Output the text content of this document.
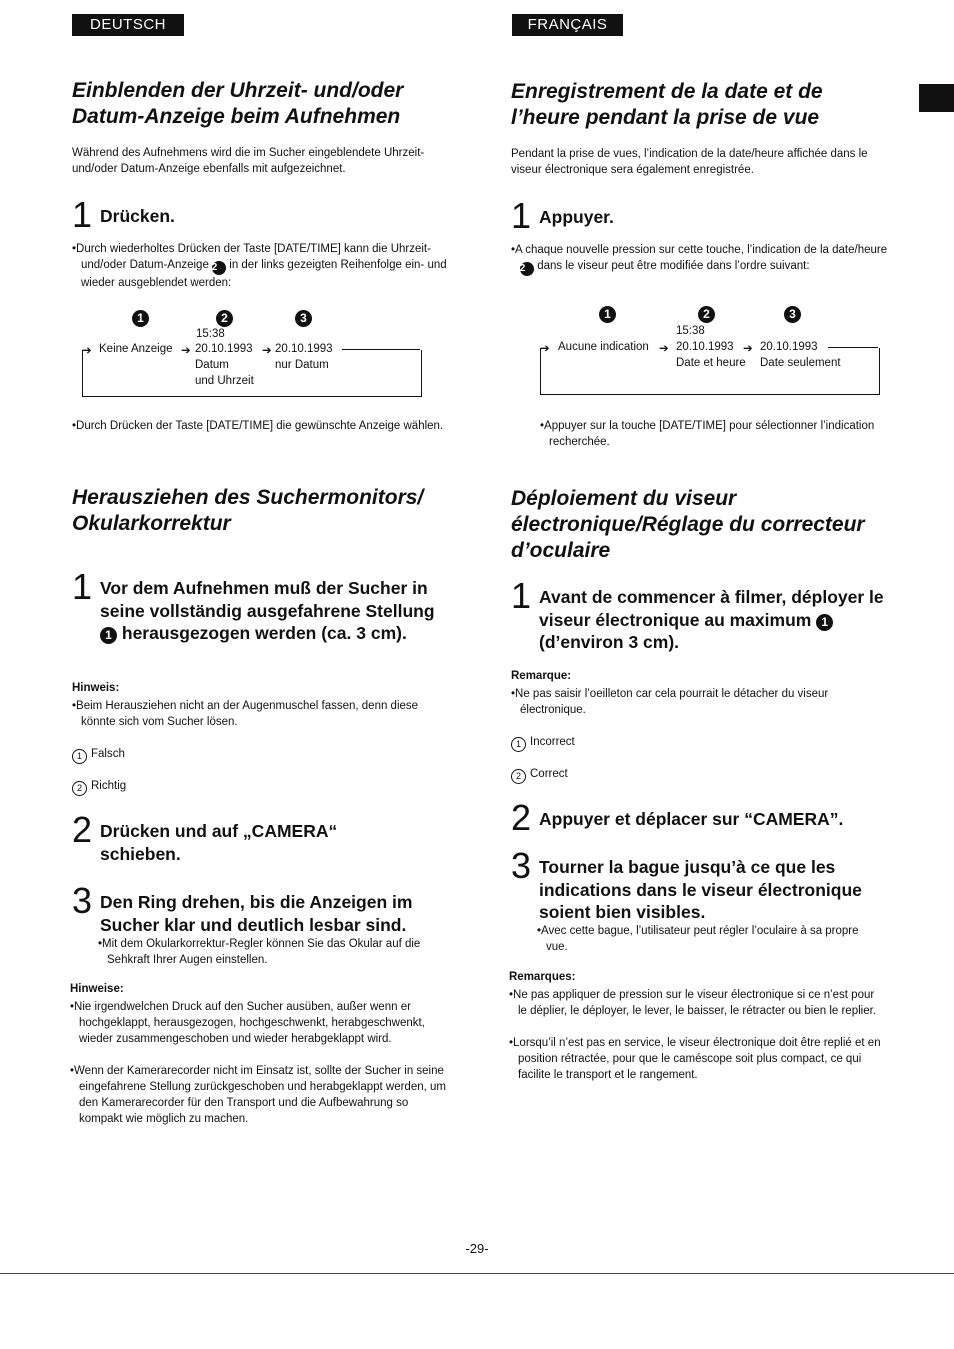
DEUTSCH	FRANÇAIS
Einblenden der Uhrzeit- und/oder Datum-Anzeige beim Aufnehmen
Während des Aufnehmens wird die im Sucher eingeblendete Uhrzeit- und/oder Datum-Anzeige ebenfalls mit aufgezeichnet.
1 Drücken.
•Durch wiederholtes Drücken der Taste [DATE/TIME] kann die Uhrzeit- und/oder Datum-Anzeige 2 in der links gezeigten Reihenfolge ein- und wieder ausgeblendet werden:
1	2	3
15:38
➔ Keine Anzeige ➔ 20.10.1993 ➔ 20.10.1993
Datum
und Uhrzeit
nur Datum
•Durch Drücken der Taste [DATE/TIME] die gewünschte Anzeige wählen.
Herausziehen des Suchermonitors/ Okularkorrektur
1 Vor dem Aufnehmen muß der Sucher in seine vollständig ausgefahrene Stellung 1 herausgezogen werden (ca. 3 cm).
Hinweis:
•Beim Herausziehen nicht an der Augenmuschel fassen, denn diese könnte sich vom Sucher lösen.
1 Falsch
2 Richtig
2 Drücken und auf „CAMERA“ schieben.
3 Den Ring drehen, bis die Anzeigen im Sucher klar und deutlich lesbar sind.
•Mit dem Okularkorrektur-Regler können Sie das Okular auf die Sehkraft Ihrer Augen einstellen.
Hinweise:
•Nie irgendwelchen Druck auf den Sucher ausüben, außer wenn er hochgeklappt, herausgezogen, hochgeschwenkt, herabgeschwenkt, wieder zusammengeschoben und wieder herabgeklappt wird.
•Wenn der Kamerarecorder nicht im Einsatz ist, sollte der Sucher in seine eingefahrene Stellung zurückgeschoben und herabgeklappt werden, um den Kamerarecorder für den Transport und die Aufbewahrung so kompakt wie möglich zu machen.
Enregistrement de la date et de l’heure pendant la prise de vue
Pendant la prise de vues, l’indication de la date/heure affichée dans le viseur électronique sera également enregistrée.
1 Appuyer.
•A chaque nouvelle pression sur cette touche, l’indication de la date/heure 2 dans le viseur peut être modifiée dans l’ordre suivant:
1	2	3
15:38
➔ Aucune indication ➔ 20.10.1993 ➔ 20.10.1993
Date et heure Date seulement
•Appuyer sur la touche [DATE/TIME] pour sélectionner l’indication recherchée.
Déploiement du viseur électronique/Réglage du correcteur d’oculaire
1 Avant de commencer à filmer, déployer le viseur électronique au maximum 1 (d’environ 3 cm).
Remarque:
•Ne pas saisir l’oeilleton car cela pourrait le détacher du viseur électronique.
1 Incorrect
2 Correct
2 Appuyer et déplacer sur “CAMERA”.
3 Tourner la bague jusqu’à ce que les indications dans le viseur électronique soient bien visibles.
•Avec cette bague, l’utilisateur peut régler l’oculaire à sa propre vue.
Remarques:
•Ne pas appliquer de pression sur le viseur électronique si ce n’est pour le déplier, le déployer, le lever, le baisser, le rétracter ou bien le replier.
•Lorsqu’il n’est pas en service, le viseur électronique doit être replié et en position rétractée, pour que le caméscope soit plus compact, ce qui facilite le transport et le rangement.
-29-
